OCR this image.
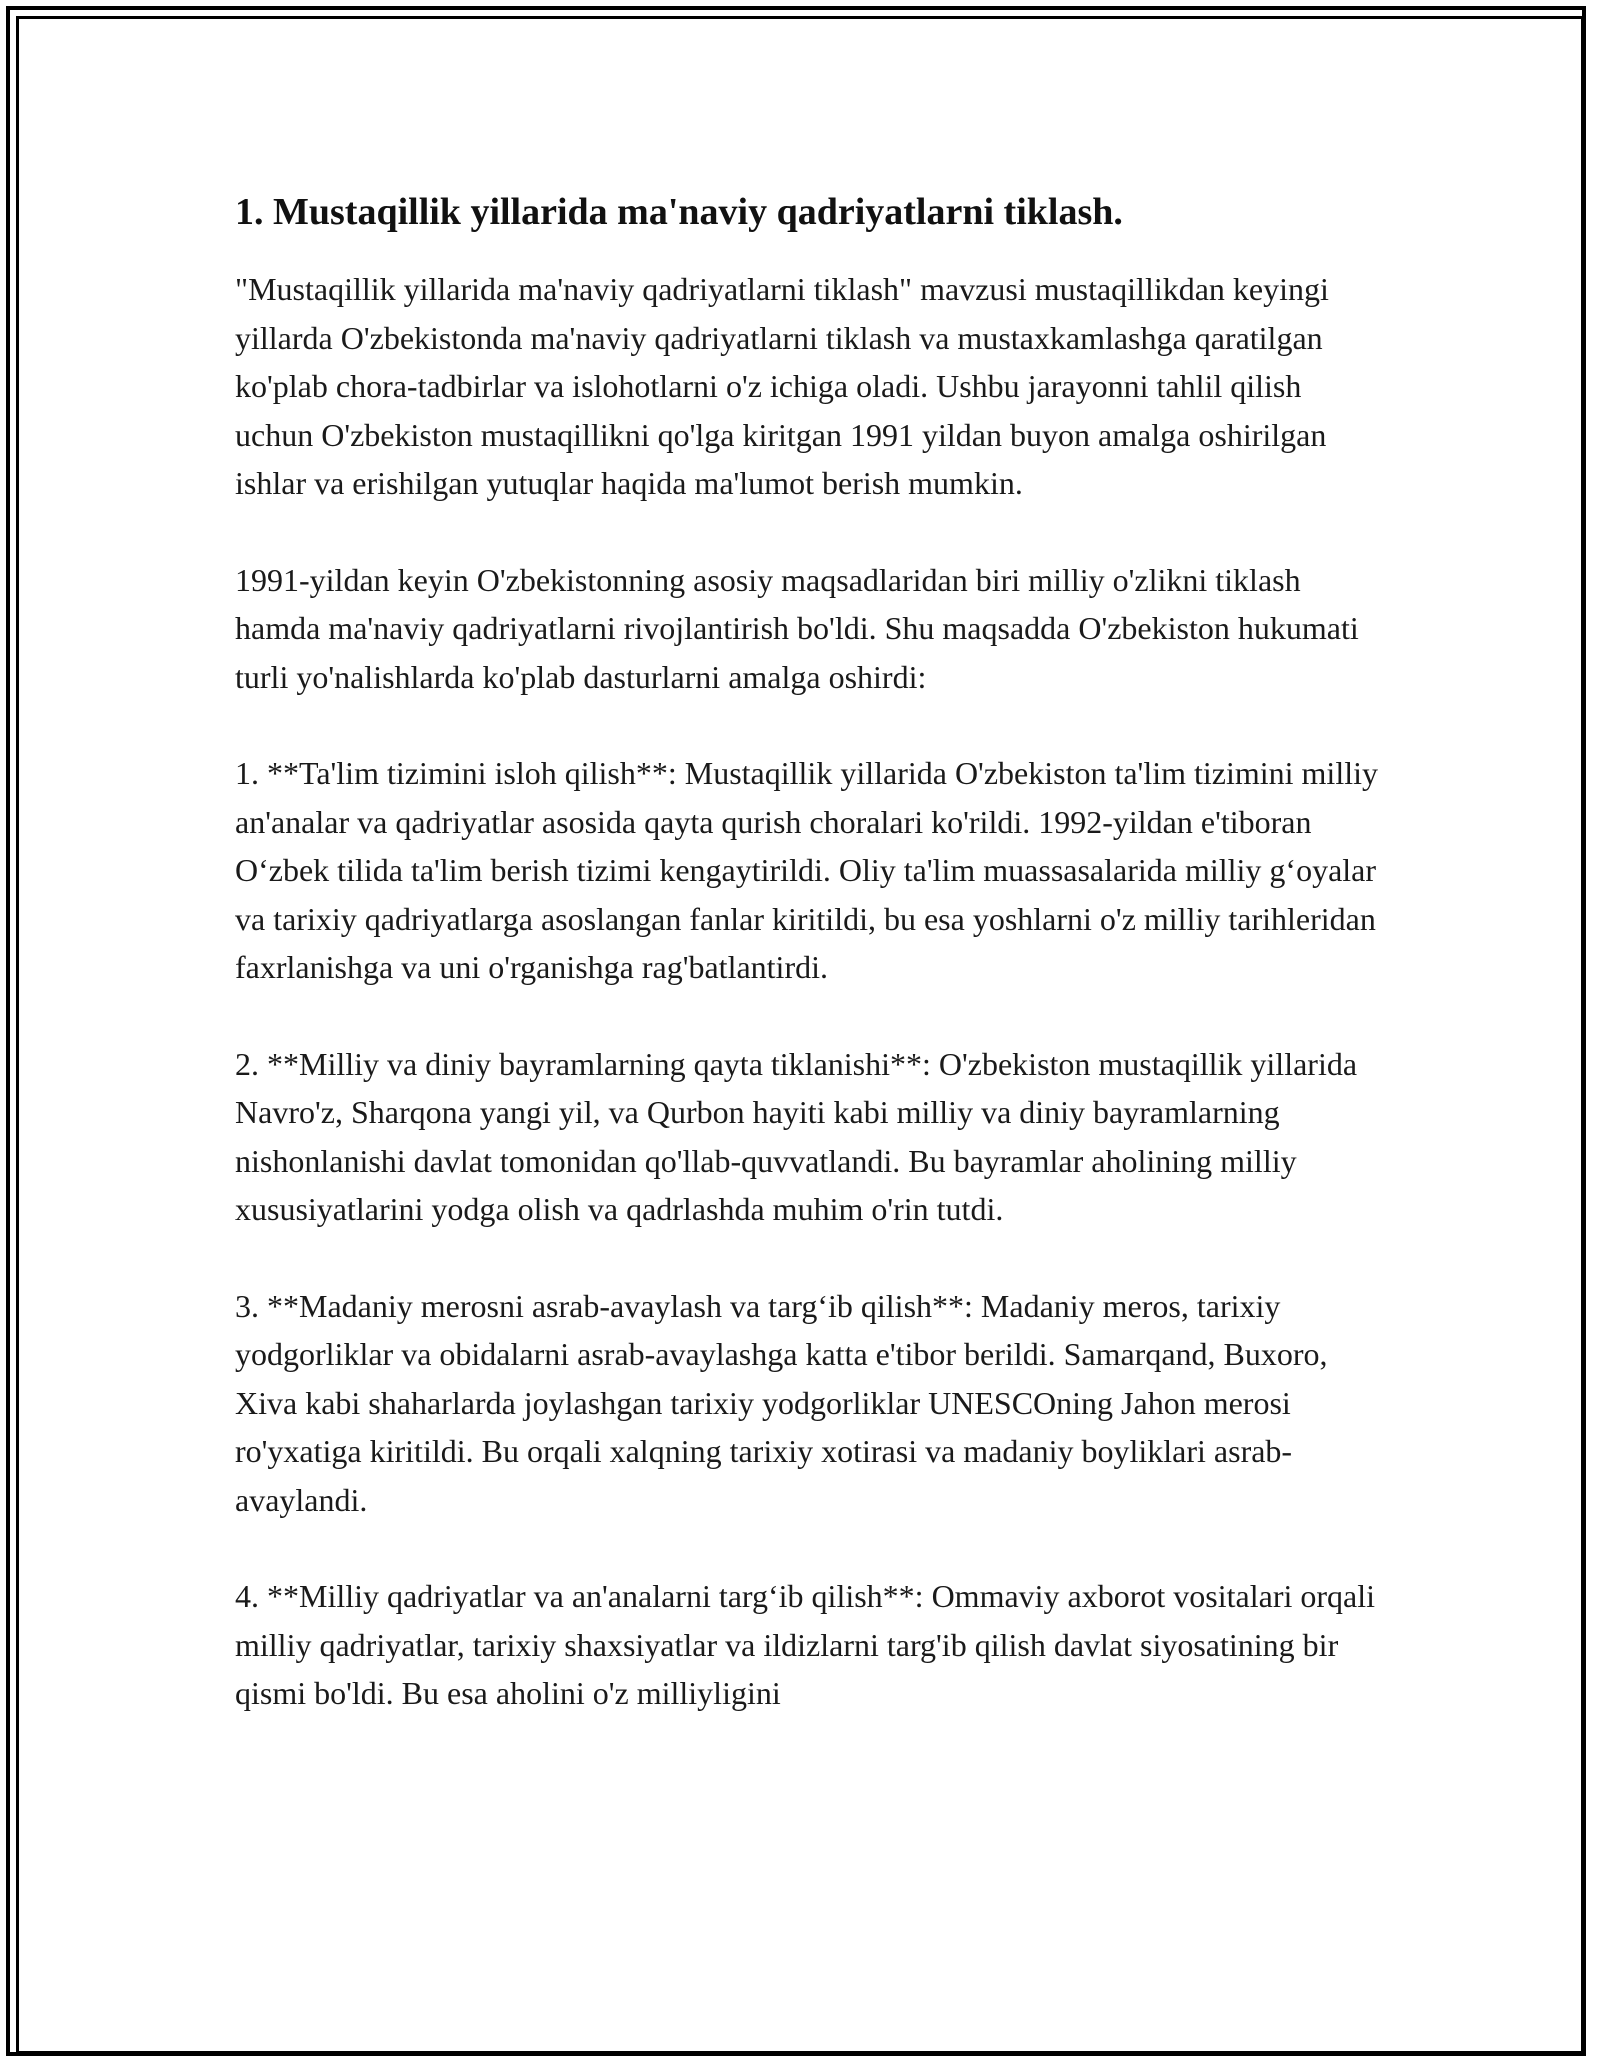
1. Mustaqillik yillarida ma'naviy qadriyatlarni tiklash.

"Mustaqillik yillarida ma'naviy qadriyatlarni tiklash" mavzusi mustaqillikdan keyingi yillarda O'zbekistonda ma'naviy qadriyatlarni tiklash va mustaxkamlashga qaratilgan ko'plab chora-tadbirlar va islohotlarni o'z ichiga oladi. Ushbu jarayonni tahlil qilish uchun O'zbekiston mustaqillikni qo'lga kiritgan 1991 yildan buyon amalga oshirilgan ishlar va erishilgan yutuqlar haqida ma'lumot berish mumkin.

1991-yildan keyin O'zbekistonning asosiy maqsadlaridan biri milliy o'zlikni tiklash hamda ma'naviy qadriyatlarni rivojlantirish bo'ldi. Shu maqsadda O'zbekiston hukumati turli yo'nalishlarda ko'plab dasturlarni amalga oshirdi:

1. **Ta'lim tizimini isloh qilish**: Mustaqillik yillarida O'zbekiston ta'lim tizimini milliy an'analar va qadriyatlar asosida qayta qurish choralari ko'rildi. 1992-yildan e'tiboran O‘zbek tilida ta'lim berish tizimi kengaytirildi. Oliy ta'lim muassasalarida milliy g‘oyalar va tarixiy qadriyatlarga asoslangan fanlar kiritildi, bu esa yoshlarni o'z milliy tarihleridan faxrlanishga va uni o'rganishga rag'batlantirdi.

2. **Milliy va diniy bayramlarning qayta tiklanishi**: O'zbekiston mustaqillik yillarida Navro'z, Sharqona yangi yil, va Qurbon hayiti kabi milliy va diniy bayramlarning nishonlanishi davlat tomonidan qo'llab-quvvatlandi. Bu bayramlar aholining milliy xususiyatlarini yodga olish va qadrlashda muhim o'rin tutdi.

3. **Madaniy merosni asrab-avaylash va targ‘ib qilish**: Madaniy meros, tarixiy yodgorliklar va obidalarni asrab-avaylashga katta e'tibor berildi. Samarqand, Buxoro, Xiva kabi shaharlarda joylashgan tarixiy yodgorliklar UNESCOning Jahon merosi ro'yxatiga kiritildi. Bu orqali xalqning tarixiy xotirasi va madaniy boyliklari asrab-avaylandi.

4. **Milliy qadriyatlar va an'analarni targ‘ib qilish**: Ommaviy axborot vositalari orqali milliy qadriyatlar, tarixiy shaxsiyatlar va ildizlarni targ'ib qilish davlat siyosatining bir qismi bo'ldi. Bu esa aholini o'z milliyligini
